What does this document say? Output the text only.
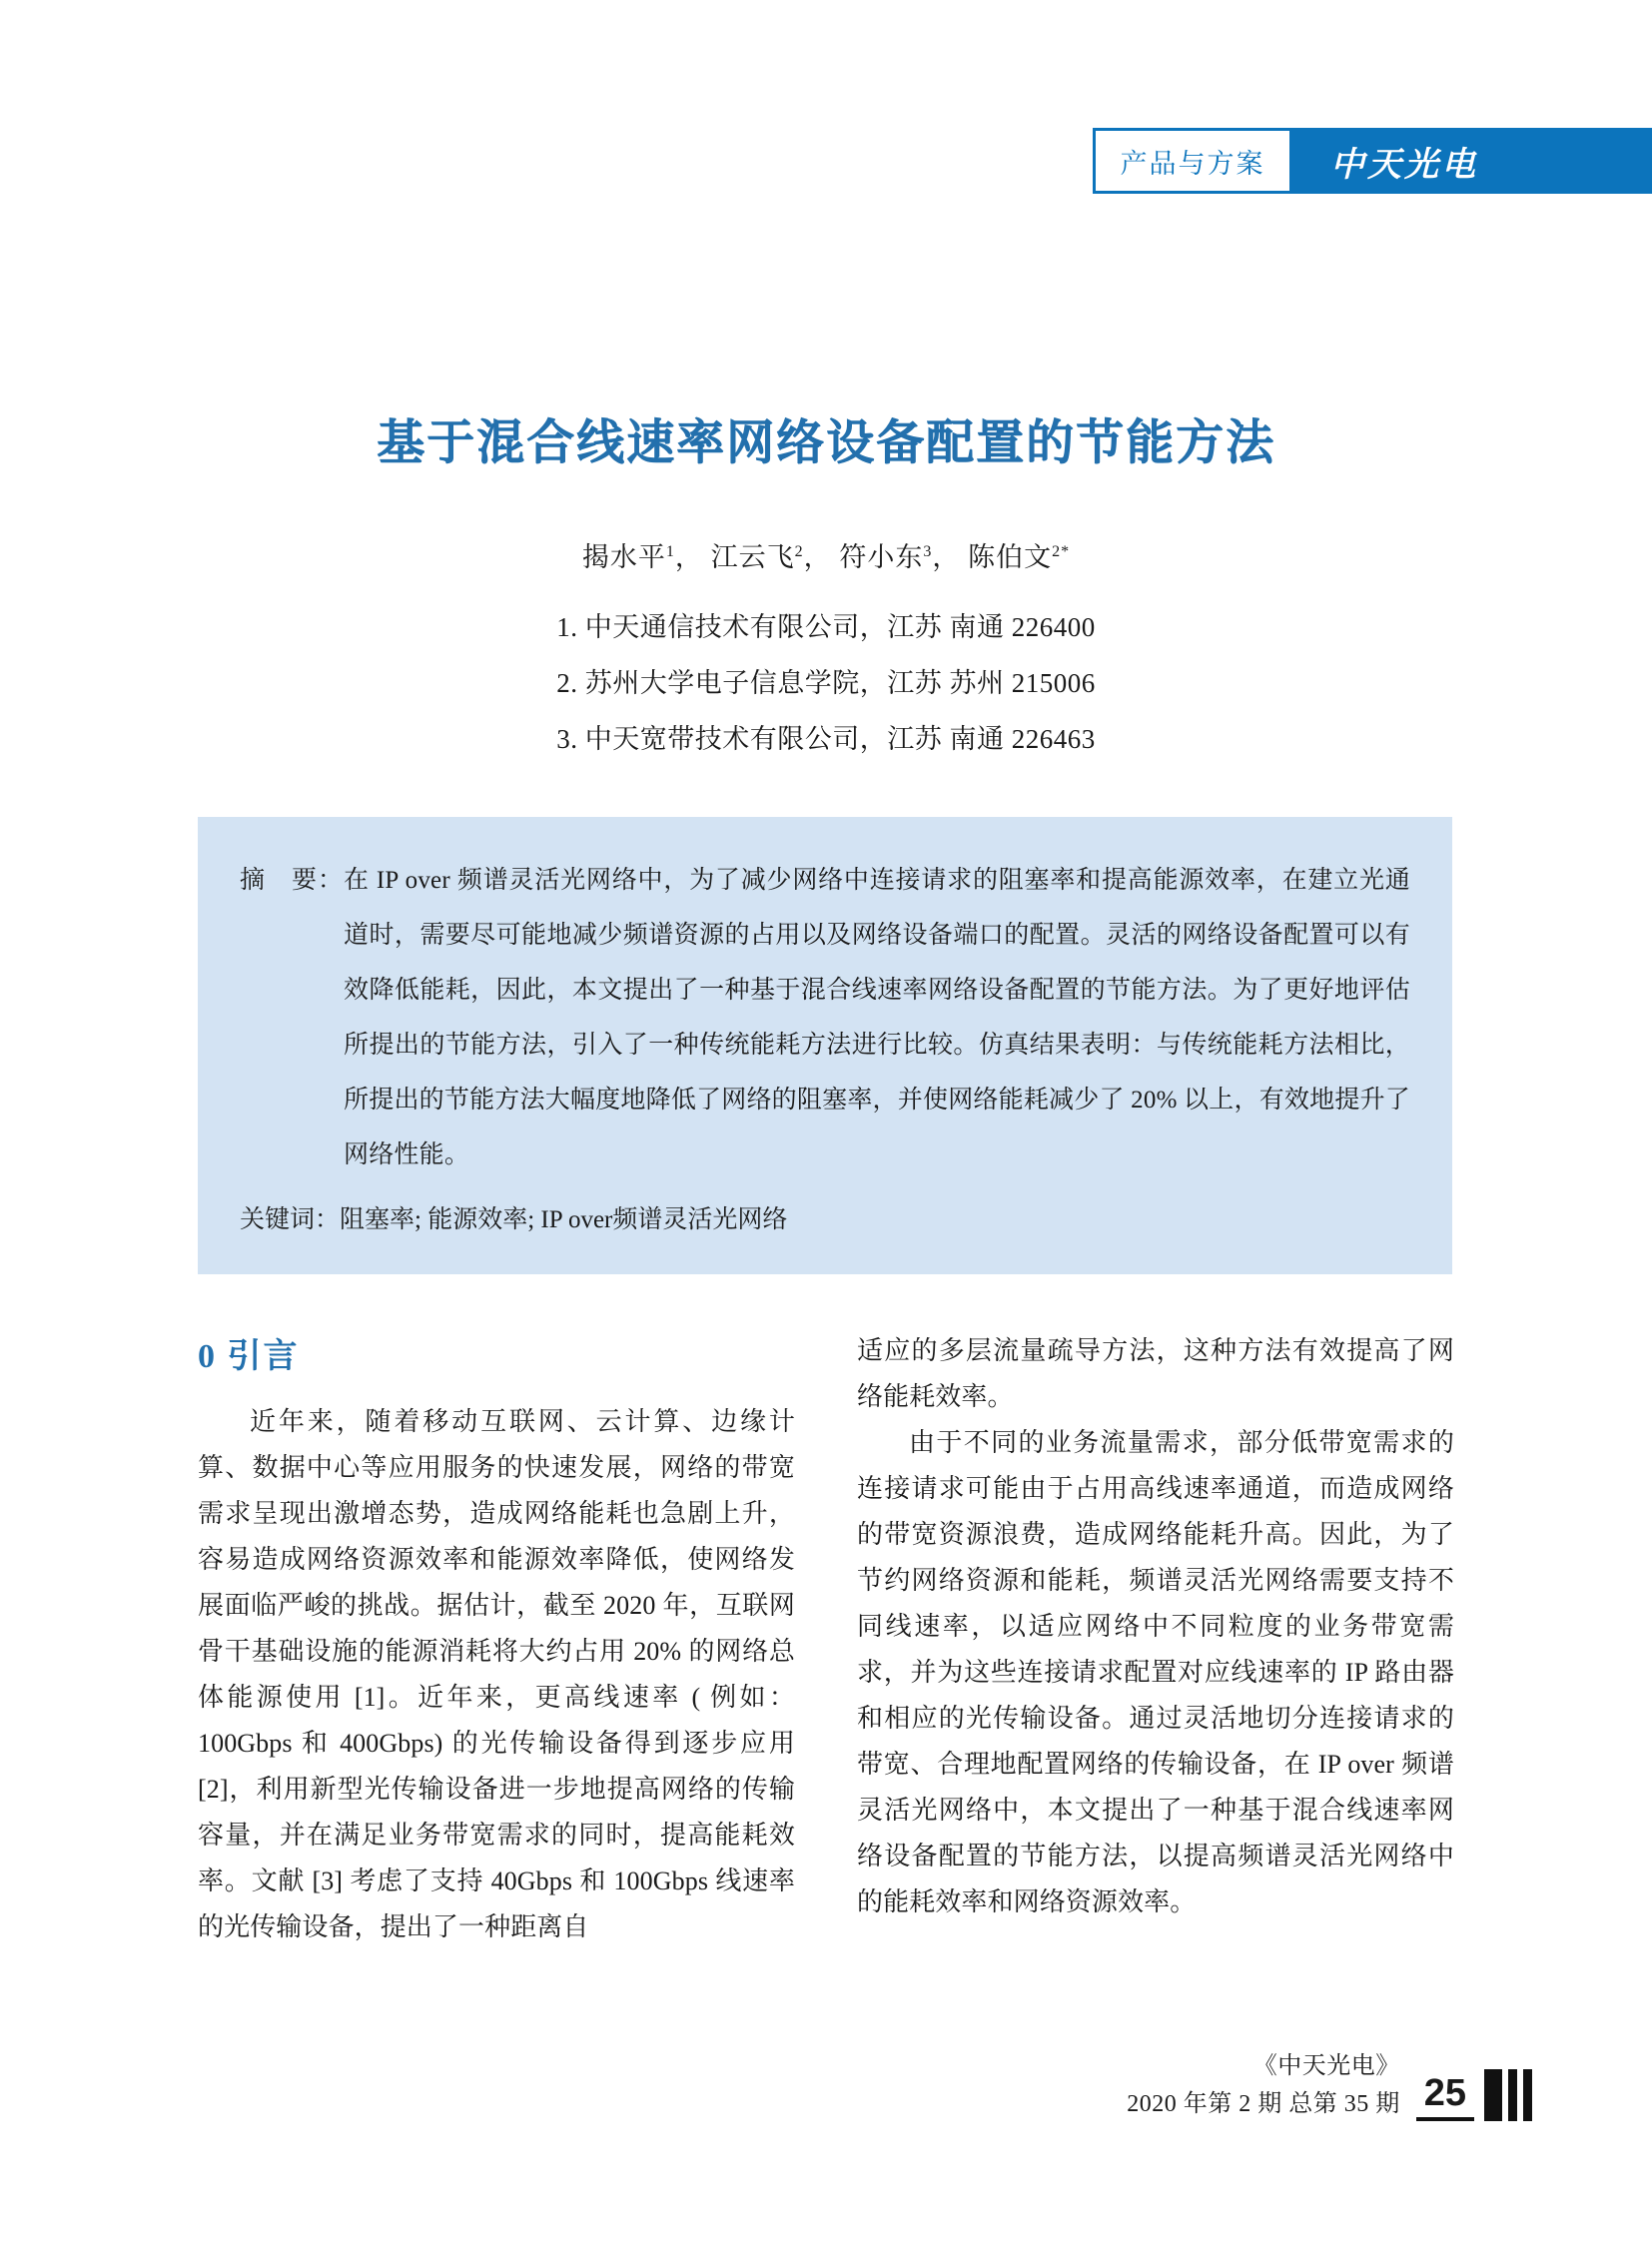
产品与方案	中天光电
基于混合线速率网络设备配置的节能方法
揭水平$^1$， 江云飞$^2$， 符小东$^3$， 陈伯文$^{2*}$
1. 中天通信技术有限公司，江苏 南通 226400
2. 苏州大学电子信息学院，江苏 苏州 215006
3. 中天宽带技术有限公司，江苏 南通 226463
摘　要： 在 IP over 频谱灵活光网络中，为了减少网络中连接请求的阻塞率和提高能源效率，在建立光通道时，需要尽可能地减少频谱资源的占用以及网络设备端口的配置。灵活的网络设备配置可以有效降低能耗，因此，本文提出了一种基于混合线速率网络设备配置的节能方法。为了更好地评估所提出的节能方法，引入了一种传统能耗方法进行比较。仿真结果表明：与传统能耗方法相比，所提出的节能方法大幅度地降低了网络的阻塞率，并使网络能耗减少了 20% 以上，有效地提升了网络性能。
关键词： 阻塞率; 能源效率; IP over频谱灵活光网络
0 引言

近年来，随着移动互联网、云计算、边缘计算、数据中心等应用服务的快速发展，网络的带宽需求呈现出激增态势，造成网络能耗也急剧上升，容易造成网络资源效率和能源效率降低，使网络发展面临严峻的挑战。据估计，截至 2020 年，互联网骨干基础设施的能源消耗将大约占用 20% 的网络总体能源使用 [1]。近年来，更高线速率 ( 例如：100Gbps 和 400Gbps) 的光传输设备得到逐步应用 [2]，利用新型光传输设备进一步地提高网络的传输容量，并在满足业务带宽需求的同时，提高能耗效率。文献 [3] 考虑了支持 40Gbps 和 100Gbps 线速率的光传输设备，提出了一种距离自

适应的多层流量疏导方法，这种方法有效提高了网络能耗效率。

由于不同的业务流量需求，部分低带宽需求的连接请求可能由于占用高线速率通道，而造成网络的带宽资源浪费，造成网络能耗升高。因此，为了节约网络资源和能耗，频谱灵活光网络需要支持不同线速率，以适应网络中不同粒度的业务带宽需求，并为这些连接请求配置对应线速率的 IP 路由器和相应的光传输设备。通过灵活地切分连接请求的带宽、合理地配置网络的传输设备，在 IP over 频谱灵活光网络中，本文提出了一种基于混合线速率网络设备配置的节能方法，以提高频谱灵活光网络中的能耗效率和网络资源效率。

《中天光电》
2020 年第 2 期 总第 35 期 25
